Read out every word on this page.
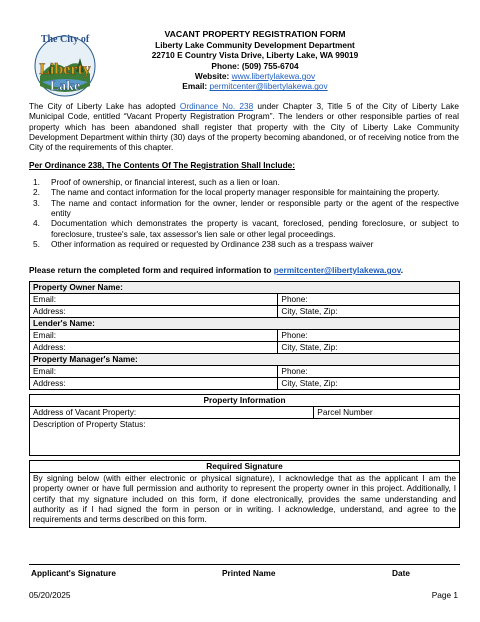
The City of
Liberty
Lake
VACANT PROPERTY REGISTRATION FORM
Liberty Lake Community Development Department
22710 E Country Vista Drive, Liberty Lake, WA 99019
Phone: (509) 755-6704
Website: www.libertylakewa.gov
Email: permitcenter@libertylakewa.gov
The City of Liberty Lake has adopted Ordinance No. 238 under Chapter 3, Title 5 of the City of Liberty Lake Municipal Code, entitled “Vacant Property Registration Program”. The lenders or other responsible parties of real property which has been abandoned shall register that property with the City of Liberty Lake Community Development Department within thirty (30) days of the property becoming abandoned, or of receiving notice from the City of the requirements of this chapter.
Per Ordinance 238, The Contents Of The Registration Shall Include:
1. Proof of ownership, or financial interest, such as a lien or loan.
2. The name and contact information for the local property manager responsible for maintaining the property.
3. The name and contact information for the owner, lender or responsible party or the agent of the respective entity
4. Documentation which demonstrates the property is vacant, foreclosed, pending foreclosure, or subject to foreclosure, trustee's sale, tax assessor's lien sale or other legal proceedings.
5. Other information as required or requested by Ordinance 238 such as a trespass waiver
Please return the completed form and required information to permitcenter@libertylakewa.gov.
Property Owner Name:	
Email:	Phone:
Address:	City, State, Zip:
Lender's Name:	
Email:	Phone:
Address:	City, State, Zip:
Property Manager's Name:	
Email:	Phone:
Address:	City, State, Zip:
Property Information
Address of Vacant Property:	Parcel Number
Description of Property Status:
Required Signature
By signing below (with either electronic or physical signature), I acknowledge that as the applicant I am the property owner or have full permission and authority to represent the property owner in this project. Additionally, I certify that my signature included on this form, if done electronically, provides the same understanding and authority as if I had signed the form in person or in writing. I acknowledge, understand, and agree to the requirements and terms described on this form.
Applicant's Signature	Printed Name	Date
05/20/2025	Page 1
